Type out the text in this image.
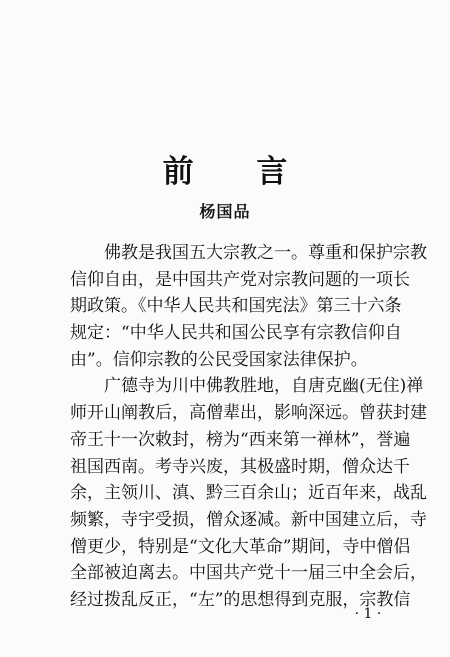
前 言
杨国品
佛教是我国五大宗教之一。尊重和保护宗教
信仰自由，是中国共产党对宗教问题的一项长
期政策。《中华人民共和国宪法》第三十六条
规定：“中华人民共和国公民享有宗教信仰自
由”。信仰宗教的公民受国家法律保护。
广德寺为川中佛教胜地，自唐克幽(无住)禅
师开山阐教后，高僧辈出，影响深远。曾获封建
帝王十一次敕封，榜为“西来第一禅林”，誉遍
祖国西南。考寺兴废，其极盛时期，僧众达千
余，主领川、滇、黔三百余山；近百年来，战乱
频繁，寺宇受损，僧众逐减。新中国建立后，寺
僧更少，特别是“文化大革命”期间，寺中僧侣
全部被迫离去。中国共产党十一届三中全会后，
经过拨乱反正，“左”的思想得到克服，宗教信
· 1 ·
